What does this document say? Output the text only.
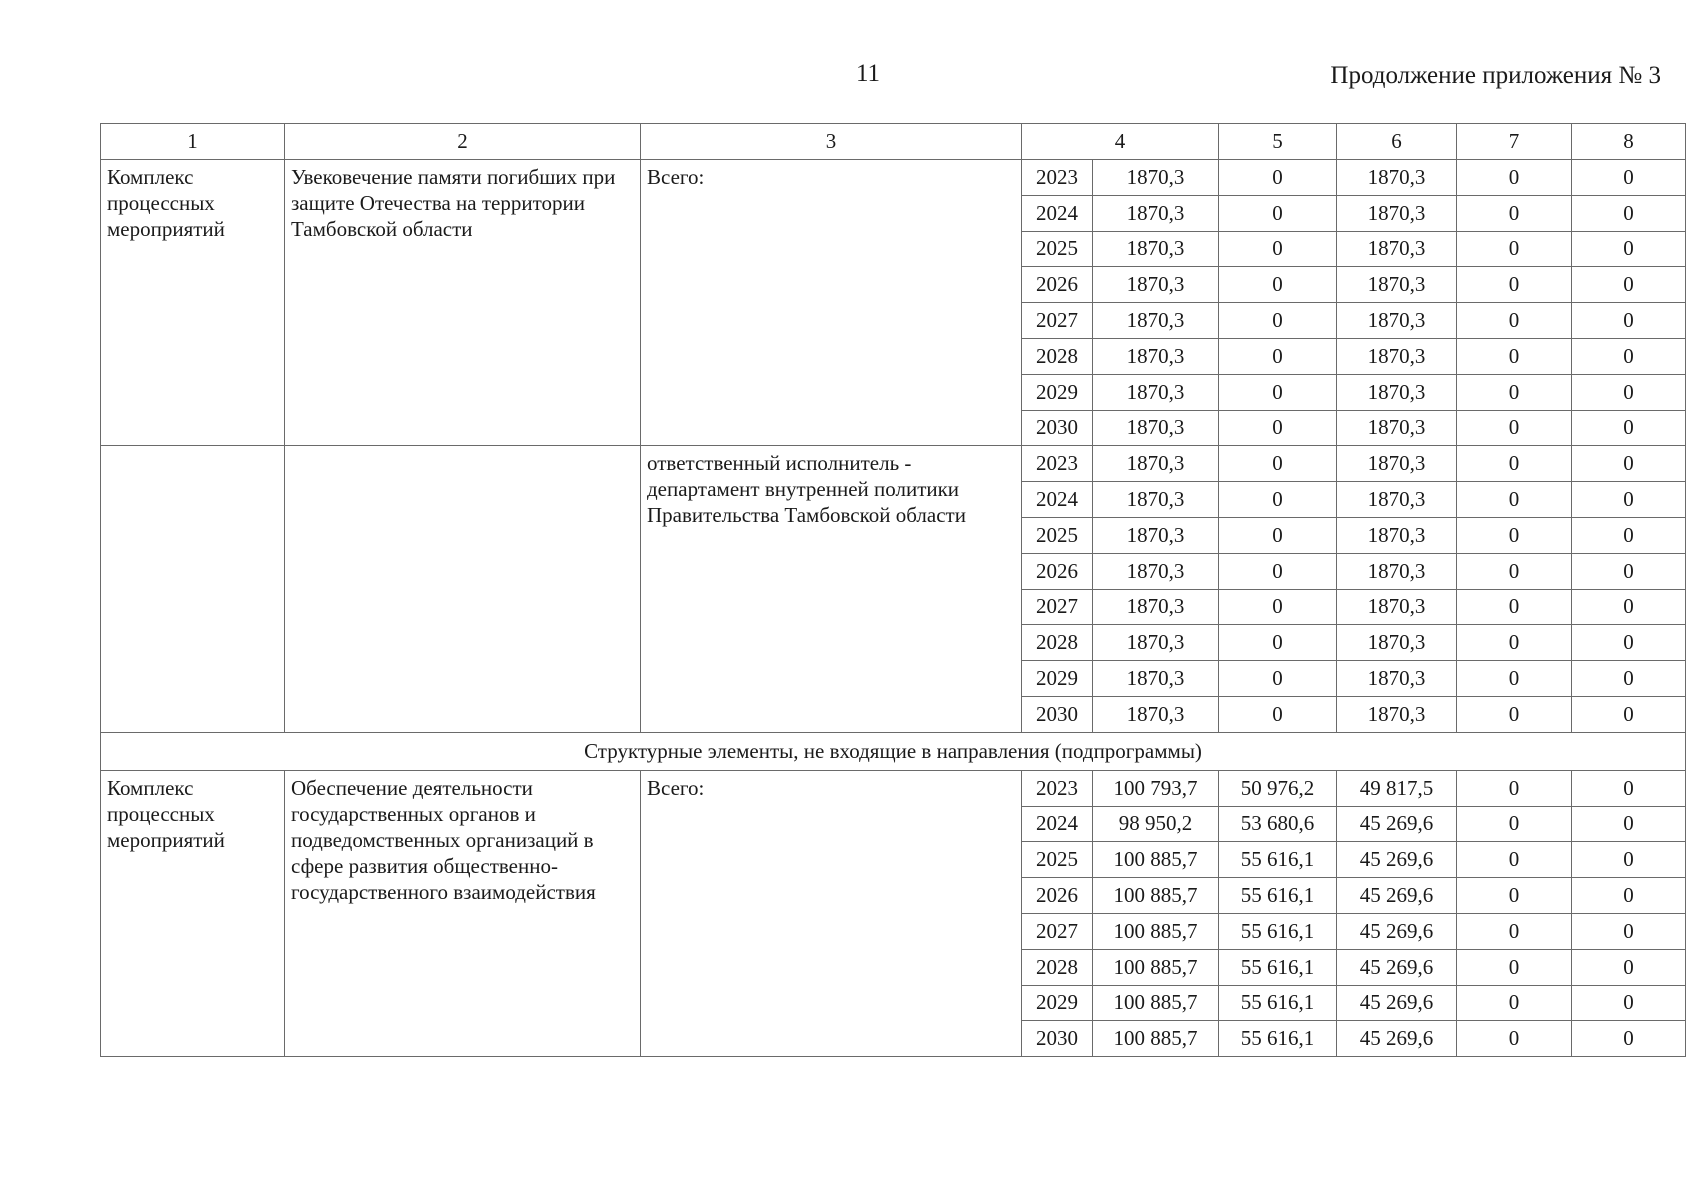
11	Продолжение приложения № 3
1	2	3	4		5	6	7	8
Комплекс процессных мероприятий	Увековечение памяти погибших при защите Отечества на территории Тамбовской области	Всего:	2023	1870,3	0	1870,3	0	0
			2024	1870,3	0	1870,3	0	0
			2025	1870,3	0	1870,3	0	0
			2026	1870,3	0	1870,3	0	0
			2027	1870,3	0	1870,3	0	0
			2028	1870,3	0	1870,3	0	0
			2029	1870,3	0	1870,3	0	0
			2030	1870,3	0	1870,3	0	0
		ответственный исполнитель - департамент внутренней политики Правительства Тамбовской области	2023	1870,3	0	1870,3	0	0
			2024	1870,3	0	1870,3	0	0
			2025	1870,3	0	1870,3	0	0
			2026	1870,3	0	1870,3	0	0
			2027	1870,3	0	1870,3	0	0
			2028	1870,3	0	1870,3	0	0
			2029	1870,3	0	1870,3	0	0
			2030	1870,3	0	1870,3	0	0
Структурные элементы, не входящие в направления (подпрограммы)								
Комплекс процессных мероприятий	Обеспечение деятельности государственных органов и подведомственных организаций в сфере развития общественно-государственного взаимодействия	Всего:	2023	100 793,7	50 976,2	49 817,5	0	0
			2024	98 950,2	53 680,6	45 269,6	0	0
			2025	100 885,7	55 616,1	45 269,6	0	0
			2026	100 885,7	55 616,1	45 269,6	0	0
			2027	100 885,7	55 616,1	45 269,6	0	0
			2028	100 885,7	55 616,1	45 269,6	0	0
			2029	100 885,7	55 616,1	45 269,6	0	0
			2030	100 885,7	55 616,1	45 269,6	0	0
